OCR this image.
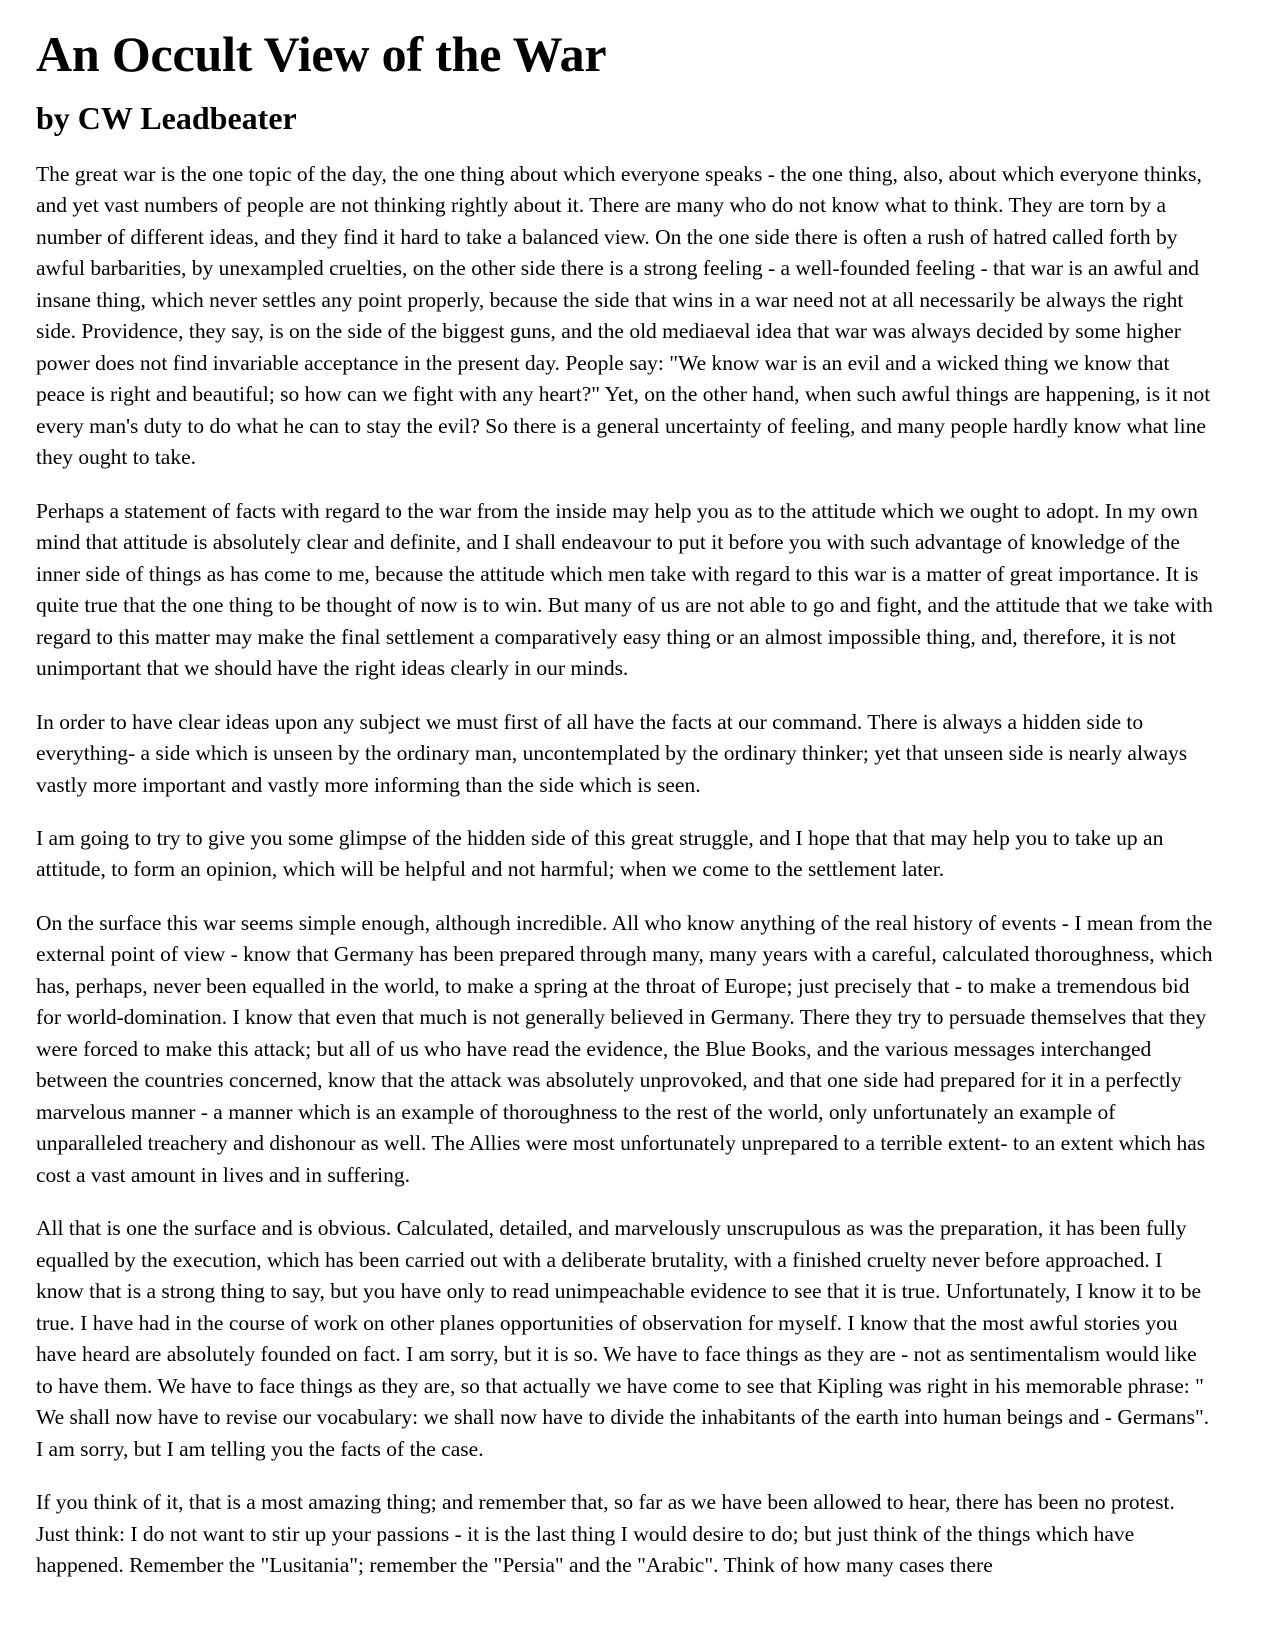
An Occult View of the War
by CW Leadbeater

The great war is the one topic of the day, the one thing about which everyone speaks - the one thing, also, about which everyone thinks, and yet vast numbers of people are not thinking rightly about it. There are many who do not know what to think. They are torn by a number of different ideas, and they find it hard to take a balanced view. On the one side there is often a rush of hatred called forth by awful barbarities, by unexampled cruelties, on the other side there is a strong feeling - a well-founded feeling - that war is an awful and insane thing, which never settles any point properly, because the side that wins in a war need not at all necessarily be always the right side. Providence, they say, is on the side of the biggest guns, and the old mediaeval idea that war was always decided by some higher power does not find invariable acceptance in the present day. People say: "We know war is an evil and a wicked thing we know that peace is right and beautiful; so how can we fight with any heart?" Yet, on the other hand, when such awful things are happening, is it not every man's duty to do what he can to stay the evil? So there is a general uncertainty of feeling, and many people hardly know what line they ought to take.

Perhaps a statement of facts with regard to the war from the inside may help you as to the attitude which we ought to adopt. In my own mind that attitude is absolutely clear and definite, and I shall endeavour to put it before you with such advantage of knowledge of the inner side of things as has come to me, because the attitude which men take with regard to this war is a matter of great importance. It is quite true that the one thing to be thought of now is to win. But many of us are not able to go and fight, and the attitude that we take with regard to this matter may make the final settlement a comparatively easy thing or an almost impossible thing, and, therefore, it is not unimportant that we should have the right ideas clearly in our minds.

In order to have clear ideas upon any subject we must first of all have the facts at our command. There is always a hidden side to everything- a side which is unseen by the ordinary man, uncontemplated by the ordinary thinker; yet that unseen side is nearly always vastly more important and vastly more informing than the side which is seen.

I am going to try to give you some glimpse of the hidden side of this great struggle, and I hope that that may help you to take up an attitude, to form an opinion, which will be helpful and not harmful; when we come to the settlement later.

On the surface this war seems simple enough, although incredible. All who know anything of the real history of events - I mean from the external point of view - know that Germany has been prepared through many, many years with a careful, calculated thoroughness, which has, perhaps, never been equalled in the world, to make a spring at the throat of Europe; just precisely that - to make a tremendous bid for world-domination. I know that even that much is not generally believed in Germany. There they try to persuade themselves that they were forced to make this attack; but all of us who have read the evidence, the Blue Books, and the various messages interchanged between the countries concerned, know that the attack was absolutely unprovoked, and that one side had prepared for it in a perfectly marvelous manner - a manner which is an example of thoroughness to the rest of the world, only unfortunately an example of unparalleled treachery and dishonour as well. The Allies were most unfortunately unprepared to a terrible extent- to an extent which has cost a vast amount in lives and in suffering.

All that is one the surface and is obvious. Calculated, detailed, and marvelously unscrupulous as was the preparation, it has been fully equalled by the execution, which has been carried out with a deliberate brutality, with a finished cruelty never before approached. I know that is a strong thing to say, but you have only to read unimpeachable evidence to see that it is true. Unfortunately, I know it to be true. I have had in the course of work on other planes opportunities of observation for myself. I know that the most awful stories you have heard are absolutely founded on fact. I am sorry, but it is so. We have to face things as they are - not as sentimentalism would like to have them. We have to face things as they are, so that actually we have come to see that Kipling was right in his memorable phrase: " We shall now have to revise our vocabulary: we shall now have to divide the inhabitants of the earth into human beings and - Germans". I am sorry, but I am telling you the facts of the case.

If you think of it, that is a most amazing thing; and remember that, so far as we have been allowed to hear, there has been no protest. Just think: I do not want to stir up your passions - it is the last thing I would desire to do; but just think of the things which have happened. Remember the "Lusitania"; remember the "Persia" and the "Arabic". Think of how many cases there
